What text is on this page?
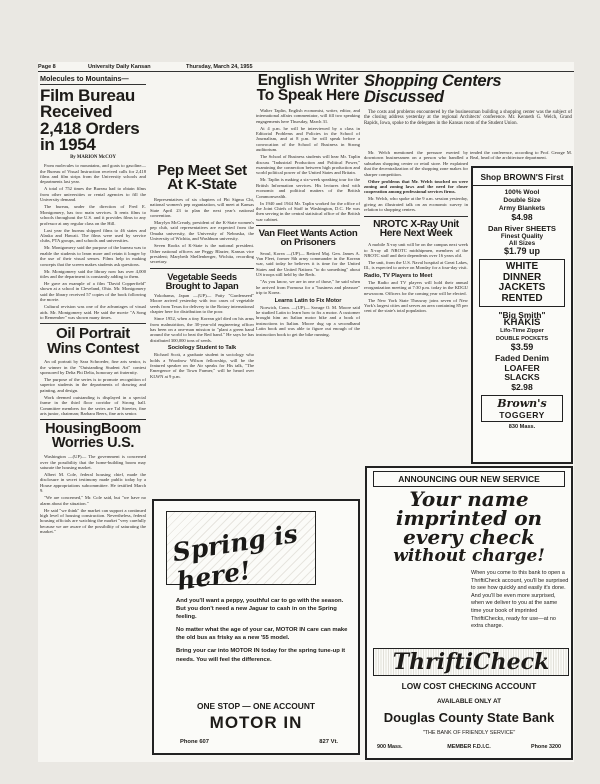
Page 8	University Daily Kansan	Thursday, March 24, 1955
Molecules to Mountains—
Film Bureau Received 2,418 Orders in 1954
By MARION McCOY

From molecules to mountains, and goats to gasoline—the Bureau of Visual Instruction received calls for 2,418 films and film strips from the University schools and departments last year.

A total of 752 times the Bureau had to obtain films from other universities or rental agencies to fill the University demand.

The bureau, under the direction of Fred E. Montgomery, has two main services. It rents films to schools throughout the U.S. and it provides films to any professor at any regular class on the Hill.

Last year the bureau shipped films to 46 states and Alaska and Hawaii. The films were used by service clubs, PTA groups, and schools and universities.

Mr. Montgomery said the purpose of the bureau was to enable the students to learn more and retain it longer by the use of their visual senses. Films help in making concepts that the screen makes students ask questions.

Mr. Montgomery said the library now has over 4,000 titles and the department is constantly adding to them.

He gave an example of a film "David Copperfield" shown at a school in Cleveland, Ohio. Mr. Montgomery said the library received 57 copies of the book following the movie.

Cultural revision was one of the advantages of visual aids. Mr. Montgomery said. He said the movie "A Song to Remember" was shown many times.

Oil Portrait Wins Contest

An oil portrait by Sara Schroeder, fine arts senior, is the winner in the "Outstanding Student Art" contest sponsored by Delta Phi Delta, honorary art fraternity.

The purpose of the series is to promote recognition of superior students in the departments of drawing and painting, and design.

Work deemed outstanding is displayed in a special frame in the third floor corridor of Strong hall. Committee members for the series are Tal Streeter, fine arts junior, chairman; Barbara Beers, fine arts senior.

HousingBoom Worries U.S.

Washington —(UP)— The government is concerned over the possibility that the home-building boom may saturate the housing market.

Albert M. Cole, federal housing chief, made the disclosure in secret testimony made public today by a House appropriations subcommittee. He testified March 9.

"We are concerned," Mr. Cole said, but "we have no alarm about the situation."

He said "we think" the market can support a continued high level of housing construction. Nevertheless, federal housing officials are watching the market "very carefully because we are aware of the possibility of saturating the market."

Pep Meet Set At K-State

Representatives of six chapters of Phi Sigma Chi, national women's pep organization, will meet at Kansas State April 23 to plan the next year's national convention.

Marylyn McCready, president of the K-State women's pep club, said representatives are expected from the Omaha university, the University of Nebraska, the University of Wichita, and Washburn university.

Seven Rooks of K-State is the national president. Other national officers are Peggy Blazier, Kansas vice president; Marybeth Shellenberger, Wichita, recording secretary.

Vegetable Seeds Brought to Japan

Yokohama, Japan —(UP)— Patty "Gardenseed" Moore arrived yesterday with two cases of vegetable seeds from Texas for delivery to the Rotary international chapter here for distribution to the poor.

Since 1952, when a tiny Korean girl died on his arms from malnutrition, the 30-year-old engineering officer has been on a one-man mission to "plant a green band around the world to beat the Red band." He says he has distributed 300,000 tons of seeds.

Sociology Student to Talk

Richard Scott, a graduate student in sociology who holds a Woodrow Wilson fellowship, will be the featured speaker on the Air speaks for His talk, "The Emergence of the Town Farmer," will be heard over KLWN at 9 p.m.

English Writer To Speak Here

Walter Taplin, English economist, writer, editor, and international affairs commentator, will fill two speaking engagements here Thursday, March 31.

At 4 p.m. he will be interviewed by a class in Editorial Problems and Policies in the School of Journalism, and at 8 p.m. he will speak before a convocation of the School of Business in Strong auditorium.

The School of Business students will hear Mr. Taplin discuss "Industrial Production and Political Power," examining the connection between high production and world political power of the United States and Britain.

Mr. Taplin is making a six-week speaking tour for the British Information services. His lectures deal with economic and political matters of the British Commonwealth.

In 1940 and 1944 Mr. Taplin worked for the office of the Joint Chiefs of Staff in Washington, D.C. He was then serving in the central statistical office of the British war cabinet.

Van Fleet Wants Action on Prisoners

Seoul, Korea —(UP)— Retired Maj. Gen. James A. Van Fleet, former 8th army commander in the Korean war, said today he believes it is time for the United States and the United Nations "to do something" about US troops still held by the Reds.

"As you know, we are in one of those," he said when he arrived from Formosa for a "business and pleasure" trip to Korea.

Learns Latin to Fix Motor

Norwich, Conn. —(UP)— Savage O. M. Moore said he studied Latin to learn how to fix a motor. A customer brought him an Italian motor bike and a book of instructions in Italian. Moore dug up a secondhand Latin book and was able to figure out enough of the instruction book to get the bike running.

Shopping Centers Discussed

The costs and problems encountered by the businessman building a shopping center was the subject of the closing address yesterday at the regional Architects' conference. Mr. Kenneth G. Welch, Grand Rapids, Iowa, spoke to the delegates in the Kansas room of the Student Union.

Mr. Welch mentioned the pressure exerted by downtown businessmen on a person who handled a suburban shopping center or retail store. He explained that the decentralization of the shopping zone makes for sharper competition.

Other problems that Mr. Welch touched on were zoning and zoning laws and the need for closer cooperation among professional services firms.

Mr. Welch, who spoke at the 9 a.m. session yesterday, giving an illustrated talk on an economic survey in relation to shopping centers.

NROTC X-Ray Unit Here Next Week

A mobile X-ray unit will be on the campus next week to X-ray all NROTC midshipmen, members of the NROTC staff and their dependents over 16 years old.

The unit, from the U.S. Naval hospital at Great Lakes, Ill., is expected to arrive on Monday for a four-day visit.

Radio, TV Players to Meet

The Radio and TV players will hold their annual reorganization meeting at 7:30 p.m. today in the KDGU newsroom. Officers for the coming year will be elected.

The New York State Thruway joins seven of New York's largest cities and serves an area containing 85 per cent of the state's total population.

tended the conference, according to Prof. George M. Beal, head of the architecture department.
Shop BROWN'S First
100% Wool
Double Size
Army Blankets
$4.98
Dan River SHEETS
Finest Quality
All Sizes
$1.79 up
WHITE
DINNER
JACKETS
RENTED
"Big Smith"
KHAKIS
Lifo-Time Zipper
DOUBLE POCKETS
$3.59
Faded Denim
LOAFER
SLACKS
$2.98
Brown's
TOGGERY
830 Mass.
Spring is here!

And you'll want a peppy, youthful car to go with the season. But you don't need a new Jaguar to cash in on the Spring feeling.

No matter what the age of your car, MOTOR IN care can make the old bus as frisky as a new '55 model.

Bring your car into MOTOR IN today for the spring tune-up it needs. You will feel the difference.

ONE STOP — ONE ACCOUNT
MOTOR IN
Phone 607	827 Vt.
ANNOUNCING OUR NEW SERVICE
Your name
imprinted on
every check
without charge!
When you come to this bank to open a ThriftiCheck account, you'll be surprised to see how quickly and easily it's done. And you'll be even more surprised, when we deliver to you at the same time your book of imprinted ThriftiChecks, ready for use—at no extra charge.
ThriftiCheck
LOW COST CHECKING ACCOUNT
AVAILABLE ONLY AT
Douglas County State Bank
"THE BANK OF FRIENDLY SERVICE"
900 Mass.	MEMBER F.D.I.C.	Phone 3200
